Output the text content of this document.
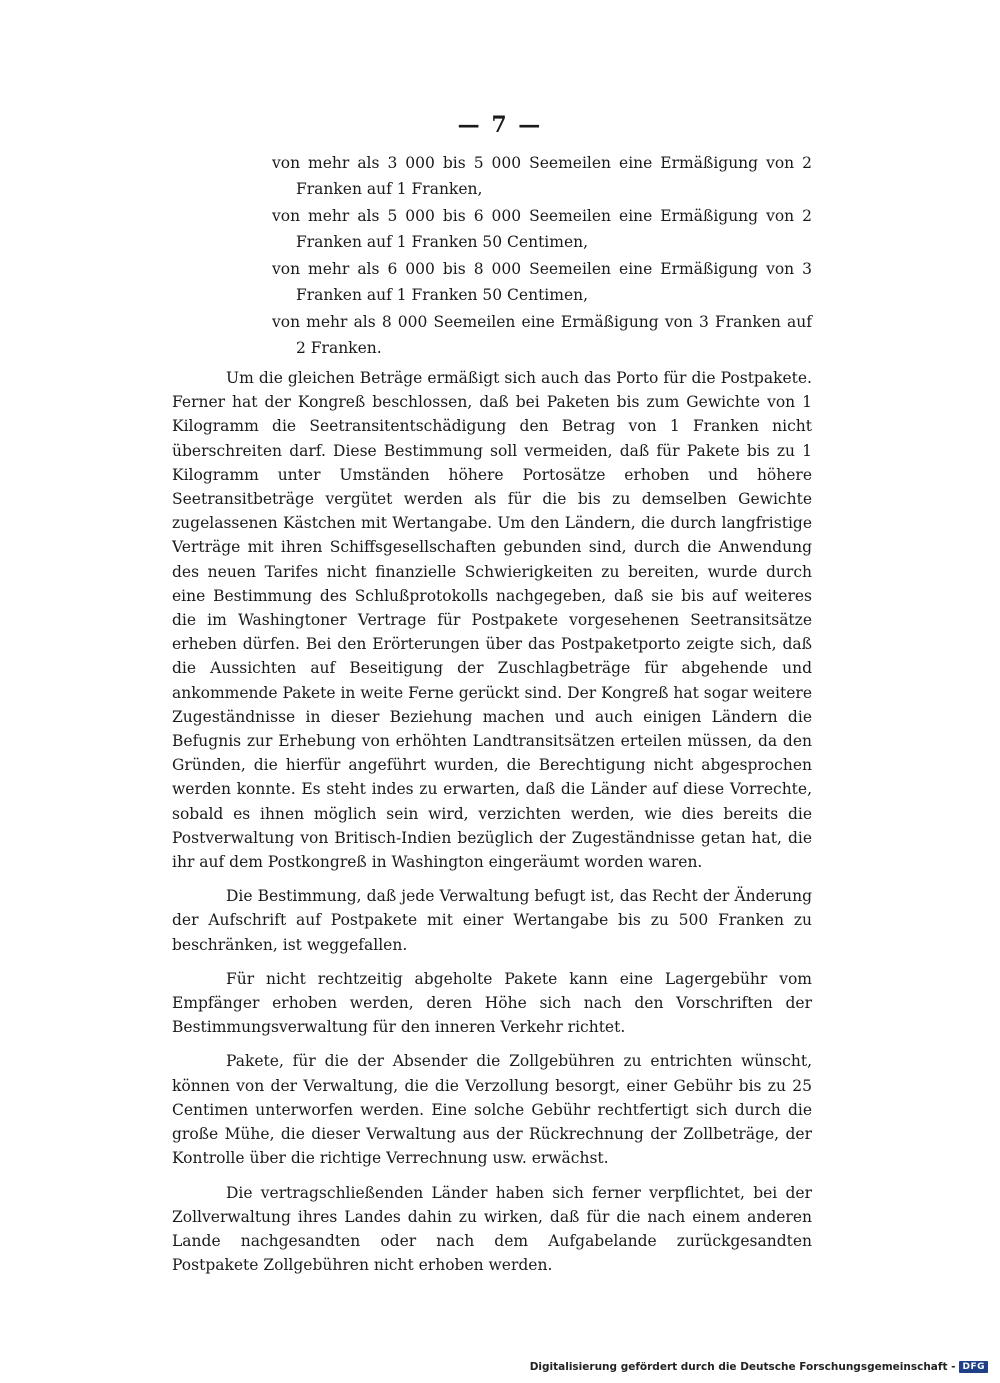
— 7 —
von mehr als 3 000 bis 5 000 Seemeilen eine Ermäßigung von 2 Franken auf 1 Franken,
von mehr als 5 000 bis 6 000 Seemeilen eine Ermäßigung von 2 Franken auf 1 Franken 50 Centimen,
von mehr als 6 000 bis 8 000 Seemeilen eine Ermäßigung von 3 Franken auf 1 Franken 50 Centimen,
von mehr als 8 000 Seemeilen eine Ermäßigung von 3 Franken auf 2 Franken.

Um die gleichen Beträge ermäßigt sich auch das Porto für die Postpakete. Ferner hat der Kongreß beschlossen, daß bei Paketen bis zum Gewichte von 1 Kilogramm die Seetransitentschädigung den Betrag von 1 Franken nicht überschreiten darf. Diese Bestimmung soll vermeiden, daß für Pakete bis zu 1 Kilogramm unter Umständen höhere Portosätze erhoben und höhere Seetransitbeträge vergütet werden als für die bis zu demselben Gewichte zugelassenen Kästchen mit Wertangabe. Um den Ländern, die durch langfristige Verträge mit ihren Schiffsgesellschaften gebunden sind, durch die Anwendung des neuen Tarifes nicht finanzielle Schwierigkeiten zu bereiten, wurde durch eine Bestimmung des Schlußprotokolls nachgegeben, daß sie bis auf weiteres die im Washingtoner Vertrage für Postpakete vorgesehenen Seetransitsätze erheben dürfen. Bei den Erörterungen über das Postpaketporto zeigte sich, daß die Aussichten auf Beseitigung der Zuschlagbeträge für abgehende und ankommende Pakete in weite Ferne gerückt sind. Der Kongreß hat sogar weitere Zugeständnisse in dieser Beziehung machen und auch einigen Ländern die Befugnis zur Erhebung von erhöhten Landtransitsätzen erteilen müssen, da den Gründen, die hierfür angeführt wurden, die Berechtigung nicht abgesprochen werden konnte. Es steht indes zu erwarten, daß die Länder auf diese Vorrechte, sobald es ihnen möglich sein wird, verzichten werden, wie dies bereits die Postverwaltung von Britisch-Indien bezüglich der Zugeständnisse getan hat, die ihr auf dem Postkongreß in Washington eingeräumt worden waren.

Die Bestimmung, daß jede Verwaltung befugt ist, das Recht der Änderung der Aufschrift auf Postpakete mit einer Wertangabe bis zu 500 Franken zu beschränken, ist weggefallen.

Für nicht rechtzeitig abgeholte Pakete kann eine Lagergebühr vom Empfänger erhoben werden, deren Höhe sich nach den Vorschriften der Bestimmungsverwaltung für den inneren Verkehr richtet.

Pakete, für die der Absender die Zollgebühren zu entrichten wünscht, können von der Verwaltung, die die Verzollung besorgt, einer Gebühr bis zu 25 Centimen unterworfen werden. Eine solche Gebühr rechtfertigt sich durch die große Mühe, die dieser Verwaltung aus der Rückrechnung der Zollbeträge, der Kontrolle über die richtige Verrechnung usw. erwächst.

Die vertragschließenden Länder haben sich ferner verpflichtet, bei der Zollverwaltung ihres Landes dahin zu wirken, daß für die nach einem anderen Lande nachgesandten oder nach dem Aufgabelande zurückgesandten Postpakete Zollgebühren nicht erhoben werden.

Digitalisierung gefördert durch die Deutsche Forschungsgemeinschaft - DFG
